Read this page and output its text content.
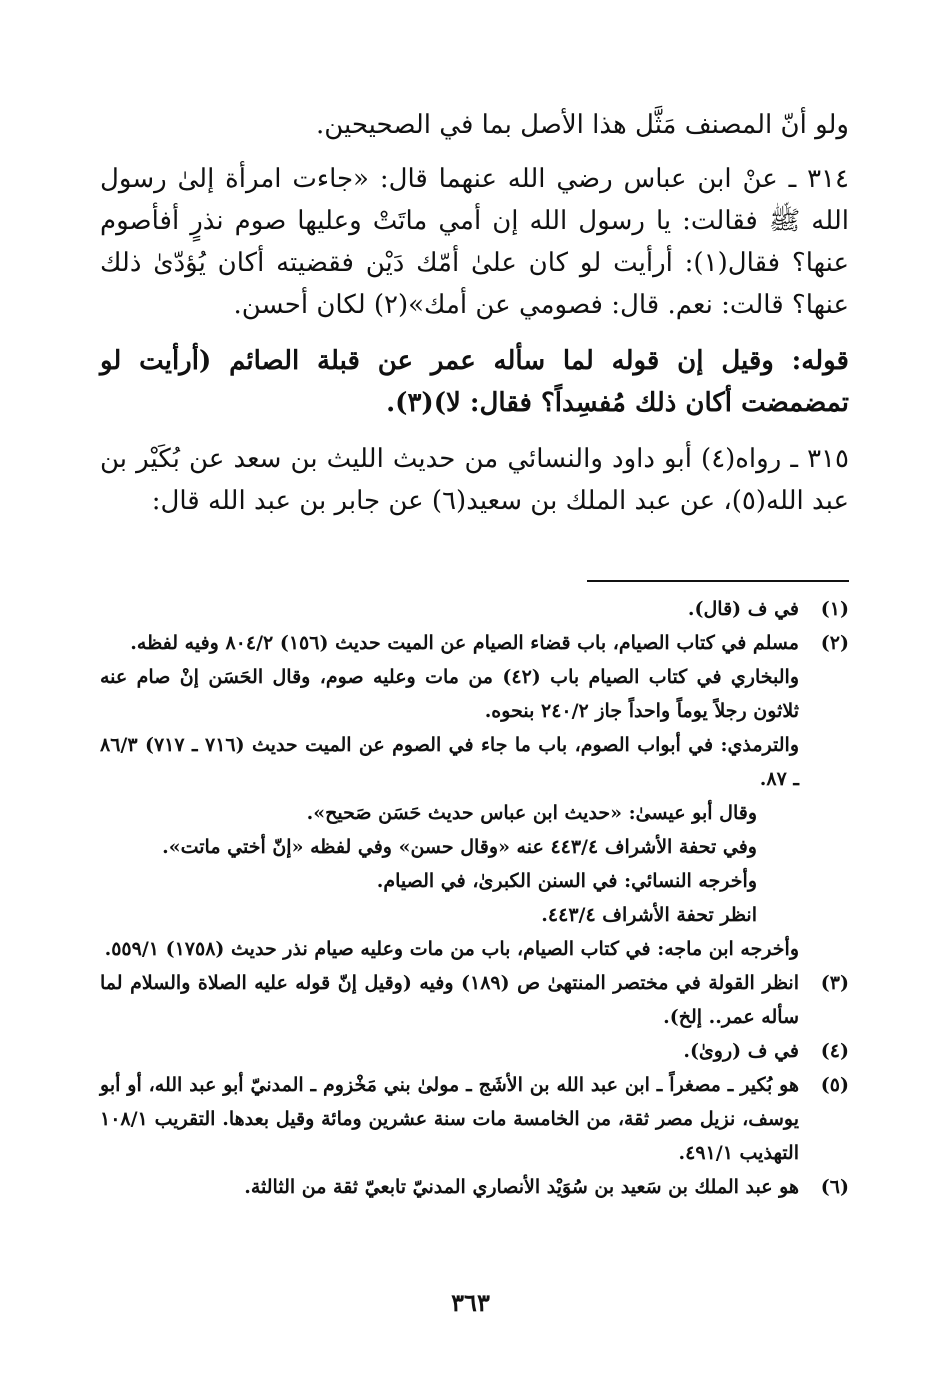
ولو أنّ المصنف مَثَّل هذا الأصل بما في الصحيحين.

٣١٤ ـ عنْ ابن عباس رضي الله عنهما قال: «جاءت امرأة إلىٰ رسول الله ﷺ فقالت: يا رسول الله إن أمي ماتَتْ وعليها صوم نذرٍ أفأصوم عنها؟ فقال(١): أرأيت لو كان علىٰ أمّك دَيْن فقضيته أكان يُؤدّىٰ ذلك عنها؟ قالت: نعم. قال: فصومي عن أمك»(٢) لكان أحسن.

قوله: وقيل إن قوله لما سأله عمر عن قبلة الصائم (أرأيت لو تمضمضت أكان ذلك مُفسِداً؟ فقال: لا)(٣).

٣١٥ ـ رواه(٤) أبو داود والنسائي من حديث الليث بن سعد عن بُكَيْر بن عبد الله(٥)، عن عبد الملك بن سعيد(٦) عن جابر بن عبد الله قال:

(١)

في ف (قال).

(٢)

مسلم في كتاب الصيام، باب قضاء الصيام عن الميت حديث (١٥٦) ٨٠٤/٢ وفيه لفظه.

والبخاري في كتاب الصيام باب (٤٢) من مات وعليه صوم، وقال الحَسَن إنْ صام عنه ثلاثون رجلاً يوماً واحداً جاز ٢٤٠/٢ بنحوه.

والترمذي: في أبواب الصوم، باب ما جاء في الصوم عن الميت حديث (٧١٦ ـ ٧١٧) ٨٦/٣ ـ ٨٧.

وقال أبو عيسىٰ: «حديث ابن عباس حديث حَسَن صَحيح».

وفي تحفة الأشراف ٤٤٣/٤ عنه «وقال حسن» وفي لفظه «إنّ أختي ماتت».

وأخرجه النسائي: في السنن الكبرىٰ، في الصيام.

انظر تحفة الأشراف ٤٤٣/٤.

وأخرجه ابن ماجه: في كتاب الصيام، باب من مات وعليه صيام نذر حديث (١٧٥٨) ٥٥٩/١.

(٣)

انظر القولة في مختصر المنتهىٰ ص (١٨٩) وفيه (وقيل إنّ قوله عليه الصلاة والسلام لما سأله عمر.. إلخ).

(٤)

في ف (روىٰ).

(٥)

هو بُكير ـ مصغراً ـ ابن عبد الله بن الأشَج ـ مولىٰ بني مَخْزوم ـ المدنيّ أبو عبد الله، أو أبو يوسف، نزيل مصر ثقة، من الخامسة مات سنة عشرين ومائة وقيل بعدها. التقريب ١٠٨/١ التهذيب ٤٩١/١.

(٦)

هو عبد الملك بن سَعيد بن سُوَيْد الأنصاري المدنيّ تابعيّ ثقة من الثالثة.

٣٦٣
